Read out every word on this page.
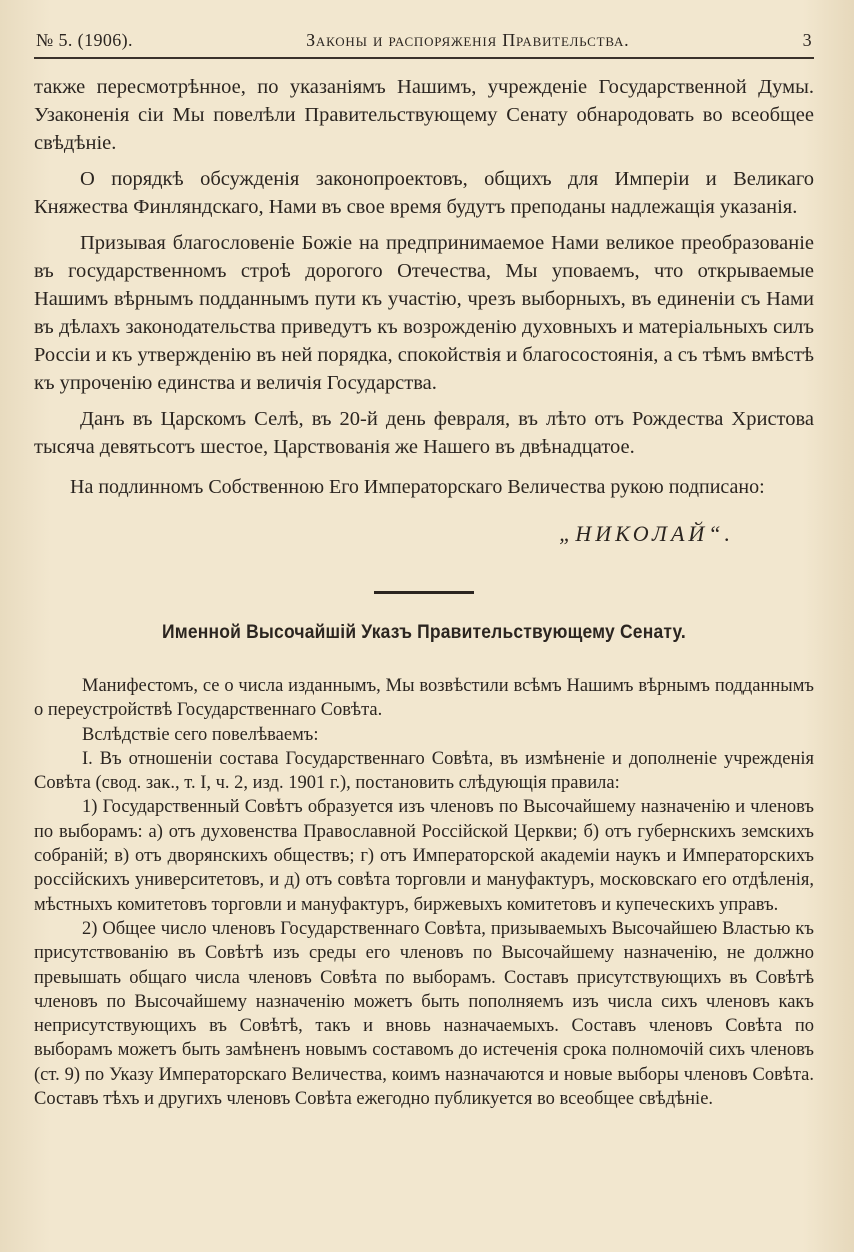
№ 5. (1906).	Законы и распоряженія Правительства.	3

также пересмотрѣнное, по указаніямъ Нашимъ, учрежденіе Государственной Думы. Узаконенія сіи Мы повелѣли Правительствующему Сенату обнародовать во всеобщее свѣдѣніе.

О порядкѣ обсужденія законопроектовъ, общихъ для Имперіи и Великаго Княжества Финляндскаго, Нами въ свое время будутъ преподаны надлежащія указанія.

Призывая благословеніе Божіе на предпринимаемое Нами великое преобразованіе въ государственномъ строѣ дорогого Отечества, Мы уповаемъ, что открываемые Нашимъ вѣрнымъ подданнымъ пути къ участію, чрезъ выборныхъ, въ единеніи съ Нами въ дѣлахъ законодательства приведутъ къ возрожденію духовныхъ и матеріальныхъ силъ Россіи и къ утвержденію въ ней порядка, спокойствія и благосостоянія, а съ тѣмъ вмѣстѣ къ упроченію единства и величія Государства.

Данъ въ Царскомъ Селѣ, въ 20-й день февраля, въ лѣто отъ Рождества Христова тысяча девятьсотъ шестое, Царствованія же Нашего въ двѣнадцатое.

На подлинномъ Собственною Его Императорскаго Величества рукою подписано:

„НИКОЛАЙ“.
Именной Высочайшій Указъ Правительствующему Сенату.

Манифестомъ, се о числа изданнымъ, Мы возвѣстили всѣмъ Нашимъ вѣрнымъ подданнымъ о переустройствѣ Государственнаго Совѣта.

Вслѣдствіе сего повелѣваемъ:

I. Въ отношеніи состава Государственнаго Совѣта, въ измѣненіе и дополненіе учрежденія Совѣта (свод. зак., т. I, ч. 2, изд. 1901 г.), постановить слѣдующія правила:

1) Государственный Совѣтъ образуется изъ членовъ по Высочайшему назначенію и членовъ по выборамъ: а) отъ духовенства Православной Россійской Церкви; б) отъ губернскихъ земскихъ собраній; в) отъ дворянскихъ обществъ; г) отъ Императорской академіи наукъ и Императорскихъ россійскихъ университетовъ, и д) отъ совѣта торговли и мануфактуръ, московскаго его отдѣленія, мѣстныхъ комитетовъ торговли и мануфактуръ, биржевыхъ комитетовъ и купеческихъ управъ.

2) Общее число членовъ Государственнаго Совѣта, призываемыхъ Высочайшею Властью къ присутствованію въ Совѣтѣ изъ среды его членовъ по Высочайшему назначенію, не должно превышать общаго числа членовъ Совѣта по выборамъ. Составъ присутствующихъ въ Совѣтѣ членовъ по Высочайшему назначенію можетъ быть пополняемъ изъ числа сихъ членовъ какъ неприсутствующихъ въ Совѣтѣ, такъ и вновь назначаемыхъ. Составъ членовъ Совѣта по выборамъ можетъ быть замѣненъ новымъ составомъ до истеченія срока полномочій сихъ членовъ (ст. 9) по Указу Императорскаго Величества, коимъ назначаются и новые выборы членовъ Совѣта. Составъ тѣхъ и другихъ членовъ Совѣта ежегодно публикуется во всеобщее свѣдѣніе.
